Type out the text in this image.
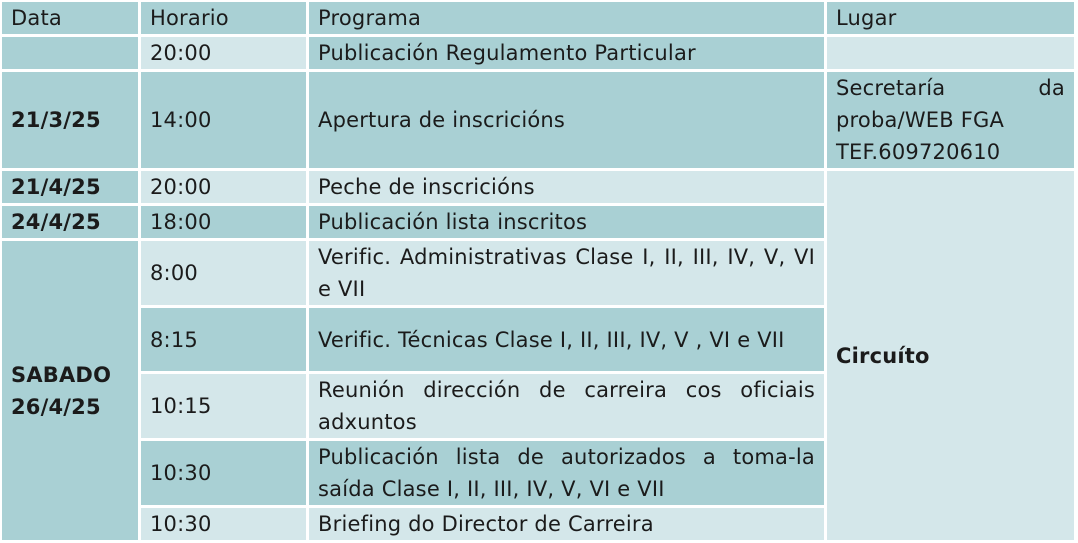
Data	Horario	Programa	Lugar
	20:00	Publicación Regulamento Particular	
21/3/25	14:00	Apertura de inscricións	Secretaría da
proba/WEB FGA
TEF.609720610

21/4/25	20:00	Peche de inscricións	Circuíto
24/4/25	18:00	Publicación lista inscritos	
SABADO 26/4/25	8:00	Verific. Administrativas Clase I, II, III, IV, V, VI e VII	
	8:15	Verific. Técnicas Clase I, II, III, IV, V , VI e VII	
	10:15	Reunión dirección de carreira cos oficiais adxuntos	
	10:30	Publicación lista de autorizados a toma-la saída Clase I, II, III, IV, V, VI e VII	
	10:30	Briefing do Director de Carreira	
